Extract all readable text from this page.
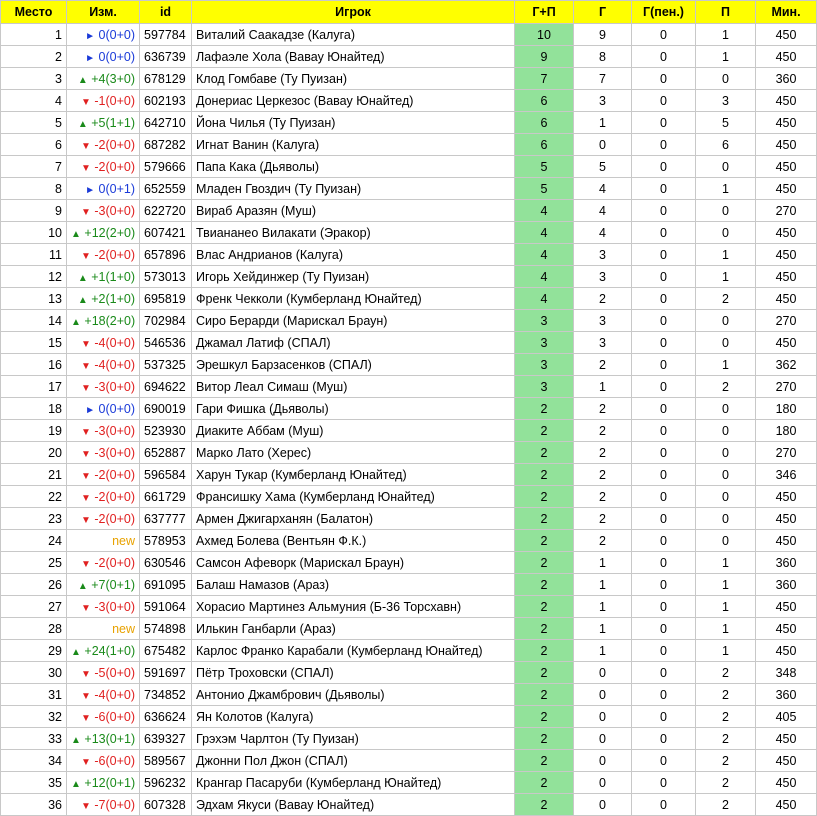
Место	Изм.	id	Игрок	Г+П	Г	Г(пен.)	П	Мин.
1	► 0(0+0)	597784	Виталий Саакадзе (Калуга)	10	9	0	1	450
2	► 0(0+0)	636739	Лафаэле Хола (Вавау Юнайтед)	9	8	0	1	450
3	▲ +4(3+0)	678129	Клод Гомбаве (Ту Пуизан)	7	7	0	0	360
4	▼ -1(0+0)	602193	Донериас Церкезос (Вавау Юнайтед)	6	3	0	3	450
5	▲ +5(1+1)	642710	Йона Чилья (Ту Пуизан)	6	1	0	5	450
6	▼ -2(0+0)	687282	Игнат Ванин (Калуга)	6	0	0	6	450
7	▼ -2(0+0)	579666	Папа Кака (Дьяволы)	5	5	0	0	450
8	► 0(0+1)	652559	Младен Гвоздич (Ту Пуизан)	5	4	0	1	450
9	▼ -3(0+0)	622720	Вираб Аразян (Муш)	4	4	0	0	270
10	▲ +12(2+0)	607421	Твиананео Вилакати (Эракор)	4	4	0	0	450
11	▼ -2(0+0)	657896	Влас Андрианов (Калуга)	4	3	0	1	450
12	▲ +1(1+0)	573013	Игорь Хейдинжер (Ту Пуизан)	4	3	0	1	450
13	▲ +2(1+0)	695819	Френк Чекколи (Кумберланд Юнайтед)	4	2	0	2	450
14	▲ +18(2+0)	702984	Сиро Берарди (Марискал Браун)	3	3	0	0	270
15	▼ -4(0+0)	546536	Джамал Латиф (СПАЛ)	3	3	0	0	450
16	▼ -4(0+0)	537325	Эрешкул Барзасенков (СПАЛ)	3	2	0	1	362
17	▼ -3(0+0)	694622	Витор Леал Симаш (Муш)	3	1	0	2	270
18	► 0(0+0)	690019	Гари Фишка (Дьяволы)	2	2	0	0	180
19	▼ -3(0+0)	523930	Диаките Аббам (Муш)	2	2	0	0	180
20	▼ -3(0+0)	652887	Марко Лато (Херес)	2	2	0	0	270
21	▼ -2(0+0)	596584	Харун Тукар (Кумберланд Юнайтед)	2	2	0	0	346
22	▼ -2(0+0)	661729	Франсишку Хама (Кумберланд Юнайтед)	2	2	0	0	450
23	▼ -2(0+0)	637777	Армен Джигарханян (Балатон)	2	2	0	0	450
24	new	578953	Ахмед Болева (Вентьян Ф.К.)	2	2	0	0	450
25	▼ -2(0+0)	630546	Самсон Афеворк (Марискал Браун)	2	1	0	1	360
26	▲ +7(0+1)	691095	Балаш Намазов (Араз)	2	1	0	1	360
27	▼ -3(0+0)	591064	Хорасио Мартинез Альмуния (Б-36 Торсхавн)	2	1	0	1	450
28	new	574898	Илькин Ганбарли (Араз)	2	1	0	1	450
29	▲ +24(1+0)	675482	Карлос Франко Карабали (Кумберланд Юнайтед)	2	1	0	1	450
30	▼ -5(0+0)	591697	Пётр Троховски (СПАЛ)	2	0	0	2	348
31	▼ -4(0+0)	734852	Антонио Джамбрович (Дьяволы)	2	0	0	2	360
32	▼ -6(0+0)	636624	Ян Колотов (Калуга)	2	0	0	2	405
33	▲ +13(0+1)	639327	Грэхэм Чарлтон (Ту Пуизан)	2	0	0	2	450
34	▼ -6(0+0)	589567	Джонни Пол Джон (СПАЛ)	2	0	0	2	450
35	▲ +12(0+1)	596232	Крангар Пасаруби (Кумберланд Юнайтед)	2	0	0	2	450
36	▼ -7(0+0)	607328	Эдхам Якуси (Вавау Юнайтед)	2	0	0	2	450
